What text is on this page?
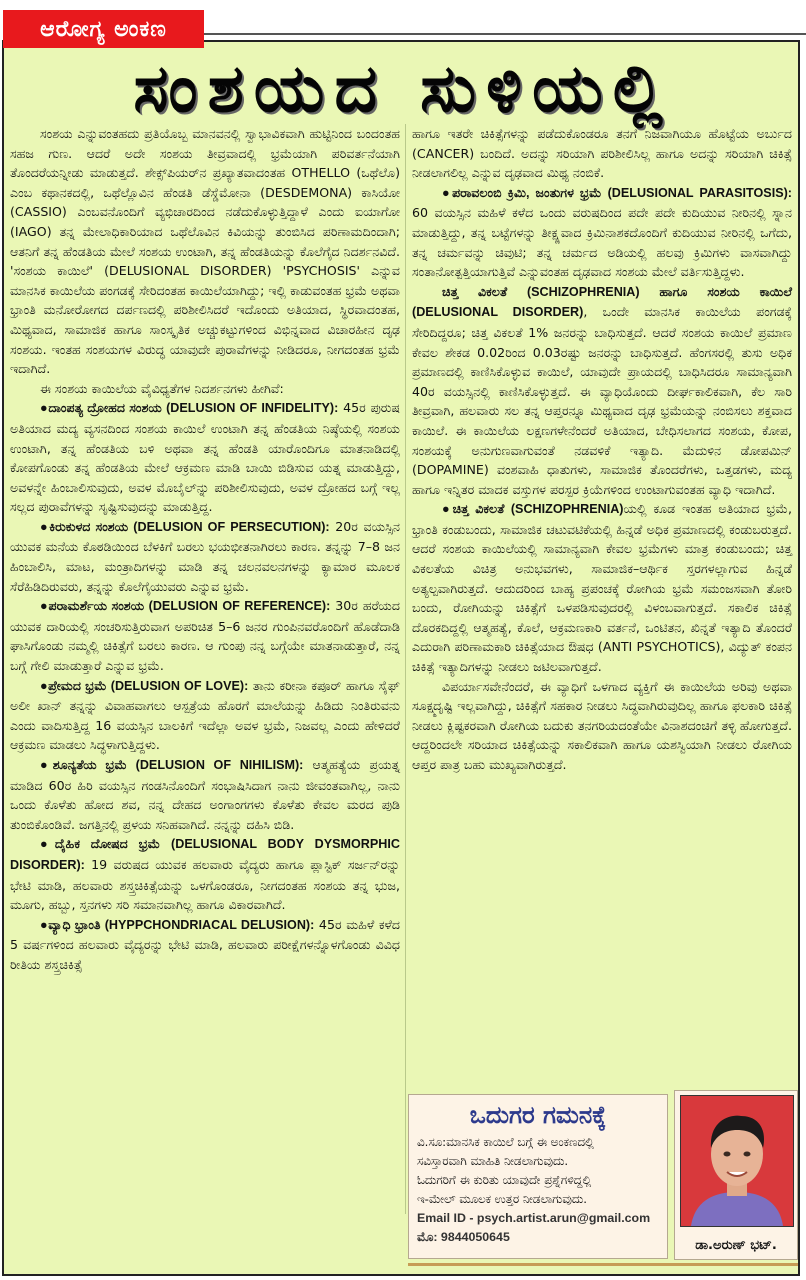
ಆರೋಗ್ಯ ಅಂಕಣ
ಸಂಶಯದ ಸುಳಿಯಲ್ಲಿ

ಸಂಶಯ ಎನ್ನುವಂತಹದು ಪ್ರತಿಯೊಬ್ಬ ಮಾನವನಲ್ಲಿ ಸ್ವಾಭಾವಿಕವಾಗಿ ಹುಟ್ಟಿನಿಂದ ಬಂದಂತಹ ಸಹಜ ಗುಣ. ಆದರೆ ಅದೇ ಸಂಶಯ ತೀವ್ರವಾದಲ್ಲಿ ಭ್ರಮೆಯಾಗಿ ಪರಿವರ್ತನೆಯಾಗಿ ತೊಂದರೆಯನ್ನೀಡು ಮಾಡುತ್ತದೆ. ಶೇಕ್ಸ್‌ಪಿಯರ್‌ನ ಪ್ರಖ್ಯಾತವಾದಂತಹ OTHELLO (ಒಥೆಲೊ) ಎಂಬ ಕಥಾನಕದಲ್ಲಿ, ಒಥೆಲ್ಲೊವಿನ ಹೆಂಡತಿ ಡೆಸ್ಡೆಮೋನಾ (DESDEMONA) ಕಾಸಿಯೋ (CASSIO) ಎಂಬವನೊಂದಿಗೆ ವ್ಯಭಿಚಾರದಿಂದ ನಡೆದುಕೊಳ್ಳುತ್ತಿದ್ದಾಳೆ ಎಂದು ಐಯಾಗೋ (IAGO) ತನ್ನ ಮೇಲಾಧಿಕಾರಿಯಾದ ಒಥೆಲೊವಿನ ಕಿವಿಯನ್ನು ತುಂಬಿಸಿದ ಪರಿಣಾಮದಿಂದಾಗಿ; ಆತನಿಗೆ ತನ್ನ ಹೆಂಡತಿಯ ಮೇಲೆ ಸಂಶಯ ಉಂಟಾಗಿ, ತನ್ನ ಹೆಂಡತಿಯನ್ನು ಕೊಲೆಗೈದ ನಿದರ್ಶನವಿದೆ. 'ಸಂಶಯ ಕಾಯಿಲೆ' (DELUSIONAL DISORDER) 'PSYCHOSIS' ಎನ್ನುವ ಮಾನಸಿಕ ಕಾಯಿಲೆಯ ಪಂಗಡಕ್ಕೆ ಸೇರಿದಂತಹ ಕಾಯಿಲೆಯಾಗಿದ್ದು; ಇಲ್ಲಿ ಕಾಡುವಂತಹ ಭ್ರಮೆ ಅಥವಾ ಭ್ರಾಂತಿ ಮನೋರೋಗದ ದರ್ಪಣದಲ್ಲಿ ಪರಿಶೀಲಿಸಿದರೆ ಇದೊಂದು ಅತಿಯಾದ, ಸ್ಥಿರವಾದಂತಹ, ಮಿಥ್ಯವಾದ, ಸಾಮಾಜಿಕ ಹಾಗೂ ಸಾಂಸ್ಕೃತಿಕ ಅಚ್ಚುಕಟ್ಟುಗಳಿಂದ ವಿಭಿನ್ನವಾದ ವಿಚಾರಹೀನ ದೃಢ ಸಂಶಯ. ಇಂತಹ ಸಂಶಯಗಳ ವಿರುದ್ಧ ಯಾವುದೇ ಪುರಾವೆಗಳನ್ನು ನೀಡಿದರೂ, ನೀಗದಂತಹ ಭ್ರಮೆ ಇದಾಗಿದೆ.

ಈ ಸಂಶಯ ಕಾಯಿಲೆಯ ವೈವಿಧ್ಯತೆಗಳ ನಿದರ್ಶನಗಳು ಹೀಗಿವೆ:

●ದಾಂಪತ್ಯ ದ್ರೋಹದ ಸಂಶಯ (DELUSION OF INFIDELITY): 45ರ ಪುರುಷ ಅತಿಯಾದ ಮದ್ಯ ವ್ಯಸನದಿಂದ ಸಂಶಯ ಕಾಯಿಲೆ ಉಂಟಾಗಿ ತನ್ನ ಹೆಂಡತಿಯ ನಿಷ್ಠೆಯಲ್ಲಿ ಸಂಶಯ ಉಂಟಾಗಿ, ತನ್ನ ಹೆಂಡತಿಯ ಬಳಿ ಅಥವಾ ತನ್ನ ಹೆಂಡತಿ ಯಾರೊಂದಿಗೂ ಮಾತನಾಡಿದಲ್ಲಿ ಕೋಪಗೊಂಡು ತನ್ನ ಹೆಂಡತಿಯ ಮೇಲೆ ಆಕ್ರಮಣ ಮಾಡಿ ಬಾಯಿ ಬಿಡಿಸುವ ಯತ್ನ ಮಾಡುತ್ತಿದ್ದು, ಅವಳನ್ನೇ ಹಿಂಬಾಲಿಸುವುದು, ಅವಳ ಮೊಬೈಲ್‌ನ್ನು ಪರಿಶೀಲಿಸುವುದು, ಅವಳ ದ್ರೋಹದ ಬಗ್ಗೆ ಇಲ್ಲ ಸಲ್ಲದ ಪುರಾವೆಗಳನ್ನು ಸೃಷ್ಟಿಸುವುದನ್ನು ಮಾಡುತ್ತಿದ್ದ.

●ಕಿರುಕುಳದ ಸಂಶಯ (DELUSION OF PERSECUTION): 20ರ ವಯಸ್ಸಿನ ಯುವಕ ಮನೆಯ ಕೊಠಡಿಯಿಂದ ಬೆಳಕಿಗೆ ಬರಲು ಭಯಭೀತನಾಗಿರಲು ಕಾರಣ. ತನ್ನನ್ನು 7–8 ಜನ ಹಿಂಬಾಲಿಸಿ, ಮಾಟ, ಮಂತ್ರಾದಿಗಳನ್ನು ಮಾಡಿ ತನ್ನ ಚಲನವಲನಗಳನ್ನು ಕ್ಯಾಮಾರ ಮೂಲಕ ಸೆರೆಹಿಡಿದಿರುವರು, ತನ್ನನ್ನು ಕೊಲೆಗೈಯುವರು ಎನ್ನುವ ಭ್ರಮೆ.

●ಪರಾಮರ್ಶೆಯ ಸಂಶಯ (DELUSION OF REFERENCE): 30ರ ಹರೆಯದ ಯುವಕ ದಾರಿಯಲ್ಲಿ ಸಂಚರಿಸುತ್ತಿರುವಾಗ ಅಪರಿಚಿತ 5–6 ಜನರ ಗುಂಪಿನವರೊಂದಿಗೆ ಹೊಡೆದಾಡಿ ಘಾಸಿಗೊಂಡು ನಮ್ಮಲ್ಲಿ ಚಿಕಿತ್ಸೆಗೆ ಬರಲು ಕಾರಣ. ಆ ಗುಂಪು ನನ್ನ ಬಗ್ಗೆಯೇ ಮಾತನಾಡುತ್ತಾರೆ, ನನ್ನ ಬಗ್ಗೆ ಗೇಲಿ ಮಾಡುತ್ತಾರೆ ಎನ್ನುವ ಭ್ರಮೆ.

●ಪ್ರೇಮದ ಭ್ರಮೆ (DELUSION OF LOVE): ತಾನು ಕರೀನಾ ಕಪೂರ್ ಹಾಗೂ ಸೈಫ್ ಅಲೀ ಖಾನ್ ತನ್ನನ್ನು ವಿವಾಹವಾಗಲು ಆಸ್ಪತ್ರೆಯ ಹೊರಗೆ ಮಾಲೆಯನ್ನು ಹಿಡಿದು ನಿಂತಿರುವನು ಎಂದು ವಾದಿಸುತ್ತಿದ್ದ 16 ವಯಸ್ಸಿನ ಬಾಲಕಿಗೆ ಇದೆಲ್ಲಾ ಅವಳ ಭ್ರಮೆ, ನಿಜವಲ್ಲ ಎಂದು ಹೇಳಿದರೆ ಆಕ್ರಮಣ ಮಾಡಲು ಸಿದ್ಧಳಾಗುತ್ತಿದ್ದಳು.

●ಶೂನ್ಯತೆಯ ಭ್ರಮೆ (DELUSION OF NIHILISM): ಆತ್ಮಹತ್ಯೆಯ ಪ್ರಯತ್ನ ಮಾಡಿದ 60ರ ಹಿರಿ ವಯಸ್ಸಿನ ಗಂಡಸಿನೊಂದಿಗೆ ಸಂಭಾಷಿಸಿದಾಗ ನಾನು ಜೀವಂತವಾಗಿಲ್ಲ, ನಾನು ಒಂದು ಕೊಳೆತು ಹೋದ ಶವ, ನನ್ನ ದೇಹದ ಅಂಗಾಂಗಗಳು ಕೊಳೆತು ಕೇವಲ ಮರದ ಪುಡಿ ತುಂಬಿಕೊಂಡಿವೆ. ಜಗತ್ತಿನಲ್ಲಿ ಪ್ರಳಯ ಸನಿಹವಾಗಿದೆ. ನನ್ನನ್ನು ದಹಿಸಿ ಬಿಡಿ.

●ದೈಹಿಕ ದೋಷದ ಭ್ರಮೆ (DELUSIONAL BODY DYSMORPHIC DISORDER): 19 ವರುಷದ ಯುವಕ ಹಲವಾರು ವೈದ್ಯರು ಹಾಗೂ ಪ್ಲಾಸ್ಟಿಕ್ ಸರ್ಜನ್‌ರನ್ನು ಭೇಟಿ ಮಾಡಿ, ಹಲವಾರು ಶಸ್ತ್ರಚಿಕಿತ್ಸೆಯನ್ನು ಒಳಗೊಂಡರೂ, ನೀಗದಂತಹ ಸಂಶಯ ತನ್ನ ಭುಜ, ಮೂಗು, ಹಬ್ಬು, ಸ್ತನಗಳು ಸರಿ ಸಮಾನವಾಗಿಲ್ಲ ಹಾಗೂ ವಿಕಾರವಾಗಿದೆ.

●ವ್ಯಾಧಿ ಭ್ರಾಂತಿ (HYPPCHONDRIACAL DELUSION): 45ರ ಮಹಿಳೆ ಕಳೆದ 5 ವರ್ಷಗಳಿಂದ ಹಲವಾರು ವೈದ್ಯರನ್ನು ಭೇಟಿ ಮಾಡಿ, ಹಲವಾರು ಪರೀಕ್ಷೆಗಳನ್ನೊಳಗೊಂಡು ವಿವಿಧ ರೀತಿಯ ಶಸ್ತ್ರಚಿಕಿತ್ಸೆ

ಹಾಗೂ ಇತರೇ ಚಿಕಿತ್ಸೆಗಳನ್ನು ಪಡೆದುಕೊಂಡರೂ ತನಗೆ ನಿಜವಾಗಿಯೂ ಹೊಟ್ಟೆಯ ಅರ್ಬುದ (CANCER) ಬಂದಿದೆ. ಅದನ್ನು ಸರಿಯಾಗಿ ಪರಿಶೀಲಿಸಿಲ್ಲ ಹಾಗೂ ಅದನ್ನು ಸರಿಯಾಗಿ ಚಿಕಿತ್ಸೆ ನೀಡಲಾಗಲಿಲ್ಲ ಎನ್ನುವ ದೃಢವಾದ ಮಿಥ್ಯ ನಂಬಿಕೆ.

●ಪರಾವಲಂಬಿ ಕ್ರಿಮಿ, ಜಂತುಗಳ ಭ್ರಮೆ (DELUSIONAL PARASITOSIS): 60 ವಯಸ್ಸಿನ ಮಹಿಳೆ ಕಳೆದ ಒಂದು ವರುಷದಿಂದ ಪದೇ ಪದೇ ಕುದಿಯುವ ನೀರಿನಲ್ಲಿ ಸ್ನಾನ ಮಾಡುತ್ತಿದ್ದು, ತನ್ನ ಬಟ್ಟೆಗಳನ್ನು ತೀಕ್ಷ್ಣವಾದ ಕ್ರಿಮಿನಾಶಕದೊಂದಿಗೆ ಕುದಿಯುವ ನೀರಿನಲ್ಲಿ ಒಗೆದು, ತನ್ನ ಚರ್ಮವನ್ನು ಚಿವುಟಿ; ತನ್ನ ಚರ್ಮದ ಅಡಿಯಲ್ಲಿ ಹಲವು ಕ್ರಿಮಿಗಳು ವಾಸವಾಗಿದ್ದು ಸಂತಾನೋತ್ಪತ್ತಿಯಾಗುತ್ತಿವೆ ಎನ್ನುವಂತಹ ದೃಢವಾದ ಸಂಶಯ ಮೇಲೆ ವರ್ತಿಸುತ್ತಿದ್ದಳು.

ಚಿತ್ತ ವಿಕಲತೆ (SCHIZOPHRENIA) ಹಾಗೂ ಸಂಶಯ ಕಾಯಿಲೆ (DELUSIONAL DISORDER), ಒಂದೇ ಮಾನಸಿಕ ಕಾಯಿಲೆಯ ಪಂಗಡಕ್ಕೆ ಸೇರಿದಿದ್ದರೂ; ಚಿತ್ತ ವಿಕಲತೆ 1% ಜನರನ್ನು ಬಾಧಿಸುತ್ತದೆ. ಆದರೆ ಸಂಶಯ ಕಾಯಿಲೆ ಪ್ರಮಾಣ ಕೇವಲ ಶೇಕಡ 0.02ರಿಂದ 0.03ರಷ್ಟು ಜನರನ್ನು ಬಾಧಿಸುತ್ತದೆ. ಹೆಂಗಸರಲ್ಲಿ ತುಸು ಅಧಿಕ ಪ್ರಮಾಣದಲ್ಲಿ ಕಾಣಿಸಿಕೊಳ್ಳುವ ಕಾಯಿಲೆ, ಯಾವುದೇ ಪ್ರಾಯದಲ್ಲಿ ಬಾಧಿಸಿದರೂ ಸಾಮಾನ್ಯವಾಗಿ 40ರ ವಯಸ್ಸಿನಲ್ಲಿ ಕಾಣಿಸಿಕೊಳ್ಳುತ್ತದೆ. ಈ ವ್ಯಾಧಿಯೊಂದು ದೀರ್ಘಕಾಲಿಕವಾಗಿ, ಕೆಲ ಸಾರಿ ತೀವ್ರವಾಗಿ, ಹಲವಾರು ಸಲ ತನ್ನ ಆಪ್ತರನ್ನೂ ಮಿಥ್ಯವಾದ ದೃಢ ಭ್ರಮೆಯನ್ನು ನಂಬಿಸಲು ಶಕ್ತವಾದ ಕಾಯಿಲೆ. ಈ ಕಾಯಿಲೆಯ ಲಕ್ಷಣಗಳೇನೆಂದರೆ ಅತಿಯಾದ, ಬೇಧಿಸಲಾಗದ ಸಂಶಯ, ಕೋಪ, ಸಂಶಯಕ್ಕೆ ಅನುಗುಣವಾಗುವಂತೆ ನಡವಳಿಕೆ ಇತ್ಯಾದಿ. ಮೆದುಳಿನ ಡೋಪಮಿನ್ (DOPAMINE) ವಂಶವಾಹಿ ಧಾತುಗಳು, ಸಾಮಾಜಿಕ ತೊಂದರೆಗಳು, ಒತ್ತಡಗಳು, ಮದ್ಯ ಹಾಗೂ ಇನ್ನಿತರ ಮಾದಕ ವಸ್ತುಗಳ ಪರಸ್ಪರ ಕ್ರಿಯೆಗಳಿಂದ ಉಂಟಾಗುವಂತಹ ವ್ಯಾಧಿ ಇದಾಗಿದೆ.

●ಚಿತ್ತ ವಿಕಲತೆ (SCHIZOPHRENIA)ಯಲ್ಲಿ ಕೂಡ ಇಂತಹ ಅತಿಯಾದ ಭ್ರಮೆ, ಭ್ರಾಂತಿ ಕಂಡುಬಂದು, ಸಾಮಾಜಿಕ ಚಟುವಟಿಕೆಯಲ್ಲಿ ಹಿನ್ನಡೆ ಅಧಿಕ ಪ್ರಮಾಣದಲ್ಲಿ ಕಂಡುಬರುತ್ತದೆ. ಆದರೆ ಸಂಶಯ ಕಾಯಿಲೆಯಲ್ಲಿ ಸಾಮಾನ್ಯವಾಗಿ ಕೇವಲ ಭ್ರಮೆಗಳು ಮಾತ್ರ ಕಂಡುಬಂದು; ಚಿತ್ತ ವಿಕಲತೆಯ ವಿಚಿತ್ರ ಅನುಭವಗಳು, ಸಾಮಾಜಿಕ–ಆರ್ಥಿಕ ಸ್ತರಗಳಲ್ಲಾಗುವ ಹಿನ್ನಡೆ ಅತ್ಯಲ್ಪವಾಗಿರುತ್ತದೆ. ಆದುದರಿಂದ ಬಾಹ್ಯ ಪ್ರಪಂಚಕ್ಕೆ ರೋಗಿಯ ಭ್ರಮೆ ಸಮಂಜಸವಾಗಿ ತೋರಿ ಬಂದು, ರೋಗಿಯನ್ನು ಚಿಕಿತ್ಸೆಗೆ ಒಳಪಡಿಸುವುದರಲ್ಲಿ ವಿಳಂಬವಾಗುತ್ತದೆ. ಸಕಾಲಿಕ ಚಿಕಿತ್ಸೆ ದೊರಕದಿದ್ದಲ್ಲಿ ಆತ್ಮಹತ್ಯೆ, ಕೊಲೆ, ಆಕ್ರಮಣಕಾರಿ ವರ್ತನೆ, ಒಂಟಿತನ, ಖಿನ್ನತೆ ಇತ್ಯಾದಿ ತೊಂದರೆ ಎದುರಾಗಿ ಪರಿಣಾಮಕಾರಿ ಚಿಕಿತ್ಸೆಯಾದ ಔಷಧ (ANTI PSYCHOTICS), ವಿದ್ಯುತ್ ಕಂಪನ ಚಿಕಿತ್ಸೆ ಇತ್ಯಾದಿಗಳನ್ನು ನೀಡಲು ಜಟಿಲವಾಗುತ್ತದೆ.

ವಿಪರ್ಯಾಸವೇನೆಂದರೆ, ಈ ವ್ಯಾಧಿಗೆ ಒಳಗಾದ ವ್ಯಕ್ತಿಗೆ ಈ ಕಾಯಿಲೆಯ ಅರಿವು ಅಥವಾ ಸೂಕ್ಷ್ಮದೃಷ್ಟಿ ಇಲ್ಲವಾಗಿದ್ದು, ಚಿಕಿತ್ಸೆಗೆ ಸಹಕಾರ ನೀಡಲು ಸಿದ್ಧವಾಗಿರುವುದಿಲ್ಲ ಹಾಗೂ ಫಲಕಾರಿ ಚಿಕಿತ್ಸೆ ನೀಡಲು ಕ್ಲಿಷ್ಟಕರವಾಗಿ ರೋಗಿಯ ಬದುಕು ತನಗರಿಯದಂತೆಯೇ ವಿನಾಶದಂಚಿಗೆ ತಳ್ಳಿ ಹೋಗುತ್ತದೆ. ಆದ್ದರಿಂದಲೇ ಸರಿಯಾದ ಚಿಕಿತ್ಸೆಯನ್ನು ಸಕಾಲಿಕವಾಗಿ ಹಾಗೂ ಯಶಸ್ವಿಯಾಗಿ ನೀಡಲು ರೋಗಿಯ ಆಪ್ತರ ಪಾತ್ರ ಬಹು ಮುಖ್ಯವಾಗಿರುತ್ತದೆ.

ಒದುಗರ ಗಮನಕ್ಕೆ
ವಿ.ಸೂ:ಮಾನಸಿಕ ಕಾಯಿಲೆ ಬಗ್ಗೆ ಈ ಅಂಕಣದಲ್ಲಿ
ಸವಿಸ್ತಾರವಾಗಿ ಮಾಹಿತಿ ನೀಡಲಾಗುವುದು.
ಓದುಗರಿಗೆ ಈ ಕುರಿತು ಯಾವುದೇ ಪ್ರಶ್ನೆಗಳಿದ್ದಲ್ಲಿ
ಇ-ಮೇಲ್ ಮೂಲಕ ಉತ್ತರ ನೀಡಲಾಗುವುದು.
Email ID - psych.artist.arun@gmail.com
ಮೊ: 9844050645
ಡಾ.ಅರುಣ್ ಭಟ್.
